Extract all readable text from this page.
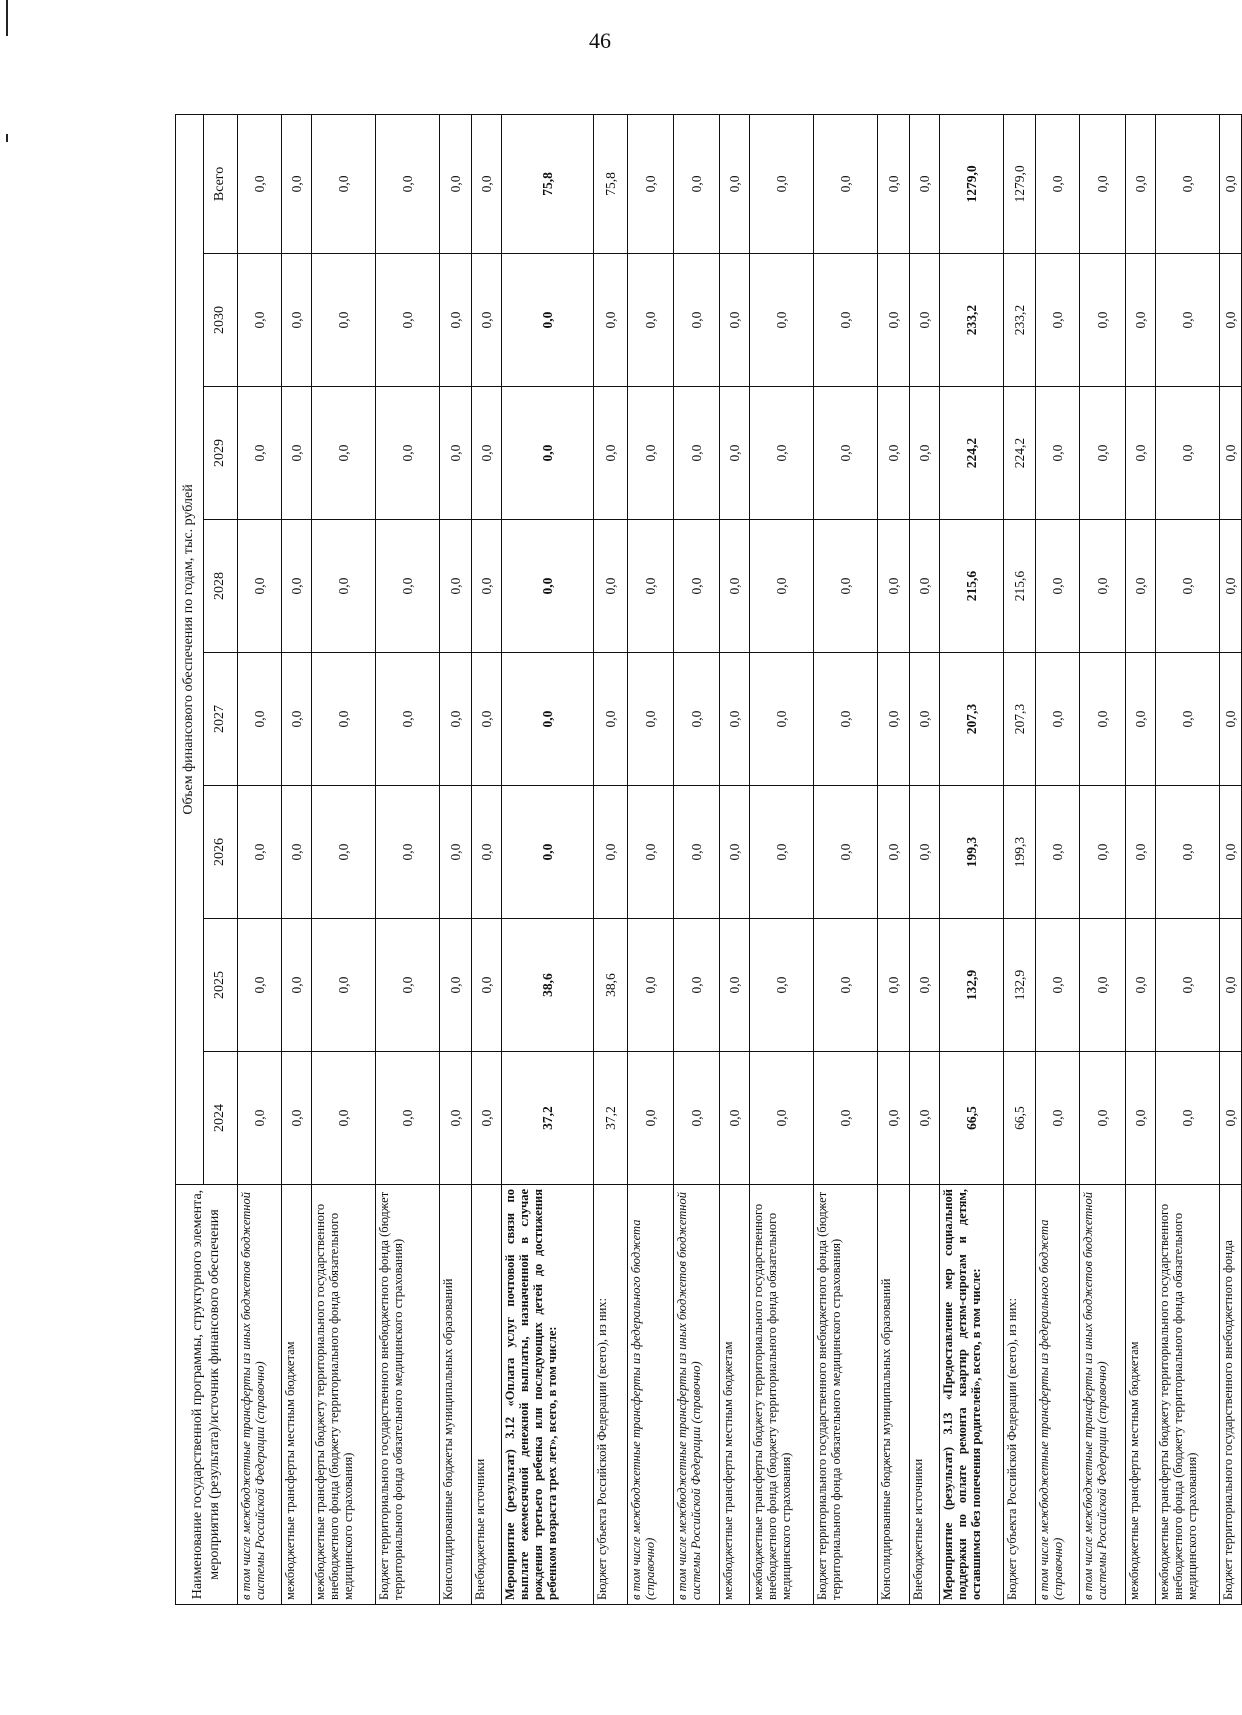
46
Наименование государственной программы, структурного элемента, мероприятия (результата)/источник финансового обеспечения	Объем финансового обеспечения по годам, тыс. рублей							
	2024	2025	2026	2027	2028	2029	2030	Всего
в том числе межбюджетные трансферты из иных бюджетов бюджетной системы Российской Федерации (справочно)	0,0	0,0	0,0	0,0	0,0	0,0	0,0	0,0
межбюджетные трансферты местным бюджетам	0,0	0,0	0,0	0,0	0,0	0,0	0,0	0,0
межбюджетные трансферты бюджету территориального государственного внебюджетного фонда (бюджету территориального фонда обязательного медицинского страхования)	0,0	0,0	0,0	0,0	0,0	0,0	0,0	0,0
Бюджет территориального государственного внебюджетного фонда (бюджет территориального фонда обязательного медицинского страхования)	0,0	0,0	0,0	0,0	0,0	0,0	0,0	0,0
Консолидированные бюджеты муниципальных образований	0,0	0,0	0,0	0,0	0,0	0,0	0,0	0,0
Внебюджетные источники	0,0	0,0	0,0	0,0	0,0	0,0	0,0	0,0
Мероприятие (результат) 3.12 «Оплата услуг почтовой связи по выплате ежемесячной денежной выплаты, назначенной в случае рождения третьего ребенка или последующих детей до достижения ребенком возраста трех лет», всего, в том числе:	37,2	38,6	0,0	0,0	0,0	0,0	0,0	75,8
Бюджет субъекта Российской Федерации (всего), из них:	37,2	38,6	0,0	0,0	0,0	0,0	0,0	75,8
в том числе межбюджетные трансферты из федерального бюджета (справочно)	0,0	0,0	0,0	0,0	0,0	0,0	0,0	0,0
в том числе межбюджетные трансферты из иных бюджетов бюджетной системы Российской Федерации (справочно)	0,0	0,0	0,0	0,0	0,0	0,0	0,0	0,0
межбюджетные трансферты местным бюджетам	0,0	0,0	0,0	0,0	0,0	0,0	0,0	0,0
межбюджетные трансферты бюджету территориального государственного внебюджетного фонда (бюджету территориального фонда обязательного медицинского страхования)	0,0	0,0	0,0	0,0	0,0	0,0	0,0	0,0
Бюджет территориального государственного внебюджетного фонда (бюджет территориального фонда обязательного медицинского страхования)	0,0	0,0	0,0	0,0	0,0	0,0	0,0	0,0
Консолидированные бюджеты муниципальных образований	0,0	0,0	0,0	0,0	0,0	0,0	0,0	0,0
Внебюджетные источники	0,0	0,0	0,0	0,0	0,0	0,0	0,0	0,0
Мероприятие (результат) 3.13 «Предоставление мер социальной поддержки по оплате ремонта квартир детям-сиротам и детям, оставшимся без попечения родителей», всего, в том числе:	66,5	132,9	199,3	207,3	215,6	224,2	233,2	1279,0
Бюджет субъекта Российской Федерации (всего), из них:	66,5	132,9	199,3	207,3	215,6	224,2	233,2	1279,0
в том числе межбюджетные трансферты из федерального бюджета (справочно)	0,0	0,0	0,0	0,0	0,0	0,0	0,0	0,0
в том числе межбюджетные трансферты из иных бюджетов бюджетной системы Российской Федерации (справочно)	0,0	0,0	0,0	0,0	0,0	0,0	0,0	0,0
межбюджетные трансферты местным бюджетам	0,0	0,0	0,0	0,0	0,0	0,0	0,0	0,0
межбюджетные трансферты бюджету территориального государственного внебюджетного фонда (бюджету территориального фонда обязательного медицинского страхования)	0,0	0,0	0,0	0,0	0,0	0,0	0,0	0,0
Бюджет территориального государственного внебюджетного фонда	0,0	0,0	0,0	0,0	0,0	0,0	0,0	0,0
